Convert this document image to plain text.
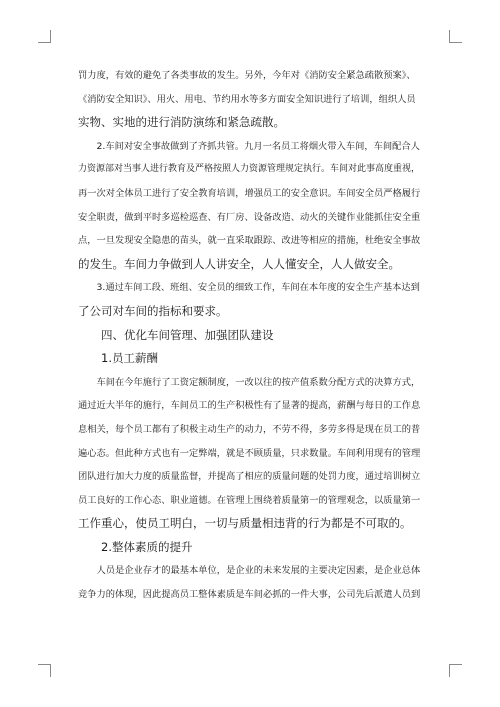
罚力度，有效的避免了各类事故的发生。另外，今年对《消防安全紧急疏散预案》、

《消防安全知识》、用火、用电、节约用水等多方面安全知识进行了培训，组织人员

实物、实地的进行消防演练和紧急疏散。

2.车间对安全事故做到了齐抓共管。九月一名员工将烟火带入车间，车间配合人

力资源部对当事人进行教育及严格按照人力资源管理规定执行。车间对此事高度重视，

再一次对全体员工进行了安全教育培训，增强员工的安全意识。车间安全员严格履行

安全职责，做到平时多巡检巡查、有厂房、设备改造、动火的关键作业能抓住安全重

点，一旦发现安全隐患的苗头，就一直采取跟踪、改进等相应的措施，杜绝安全事故

的发生。车间力争做到人人讲安全，人人懂安全，人人做安全。

3.通过车间工段、班组、安全员的细致工作，车间在本年度的安全生产基本达到

了公司对车间的指标和要求。

四、优化车间管理、加强团队建设

1.员工薪酬

车间在今年施行了工资定额制度，一改以往的按产值系数分配方式的决算方式，

通过近大半年的施行，车间员工的生产积极性有了显著的提高，薪酬与每日的工作息

息相关，每个员工都有了积极主动生产的动力，不劳不得，多劳多得是现在员工的普

遍心态。但此种方式也有一定弊端，就是不顾质量，只求数量。车间利用现有的管理

团队进行加大力度的质量监督，并提高了相应的质量问题的处罚力度，通过培训树立

员工良好的工作心态、职业道德。在管理上围绕着质量第一的管理观念，以质量第一

工作重心，使员工明白，一切与质量相违背的行为都是不可取的。

2.整体素质的提升

人员是企业存才的最基本单位，是企业的未来发展的主要决定因素，是企业总体

竞争力的体现，因此提高员工整体素质是车间必抓的一件大事，公司先后派遣人员到
